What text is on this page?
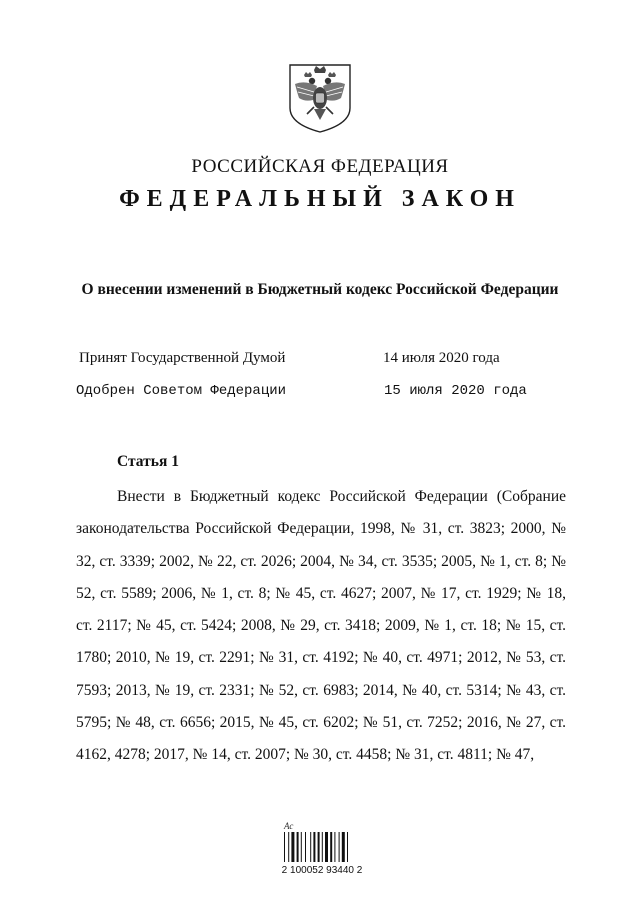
РОССИЙСКАЯ ФЕДЕРАЦИЯ
ФЕДЕРАЛЬНЫЙ ЗАКОН
О внесении изменений в Бюджетный кодекс Российской Федерации
Принят Государственной Думой	14 июля 2020 года
Одобрен Советом Федерации	15 июля 2020 года
Статья 1
Внести в Бюджетный кодекс Российской Федерации (Собрание законодательства Российской Федерации, 1998, № 31, ст. 3823; 2000, № 32, ст. 3339; 2002, № 22, ст. 2026; 2004, № 34, ст. 3535; 2005, № 1, ст. 8; № 52, ст. 5589; 2006, № 1, ст. 8; № 45, ст. 4627; 2007, № 17, ст. 1929; № 18, ст. 2117; № 45, ст. 5424; 2008, № 29, ст. 3418; 2009, № 1, ст. 18; № 15, ст. 1780; 2010, № 19, ст. 2291; № 31, ст. 4192; № 40, ст. 4971; 2012, № 53, ст. 7593; 2013, № 19, ст. 2331; № 52, ст. 6983; 2014, № 40, ст. 5314; № 43, ст. 5795; № 48, ст. 6656; 2015, № 45, ст. 6202; № 51, ст. 7252; 2016, № 27, ст. 4162, 4278; 2017, № 14, ст. 2007; № 30, ст. 4458; № 31, ст. 4811; № 47,
Ас
2 100052 93440 2
